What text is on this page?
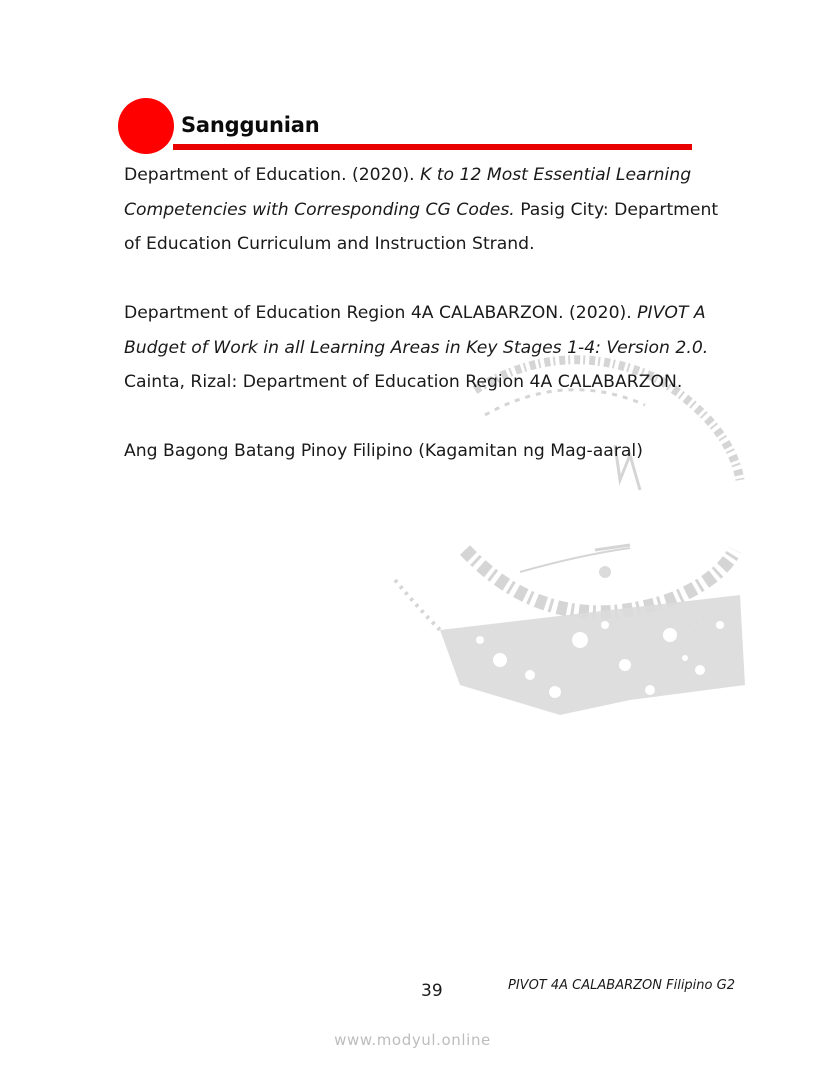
Sanggunian

Department of Education. (2020). K to 12 Most Essential Learning Competencies with Corresponding CG Codes. Pasig City: Department of Education Curriculum and Instruction Strand.

Department of Education Region 4A CALABARZON. (2020). PIVOT A Budget of Work in all Learning Areas in Key Stages 1-4: Version 2.0. Cainta, Rizal: Department of Education Region 4A CALABARZON.

Ang Bagong Batang Pinoy Filipino (Kagamitan ng Mag-aaral)

39	PIVOT 4A CALABARZON Filipino G2
www.modyul.online
